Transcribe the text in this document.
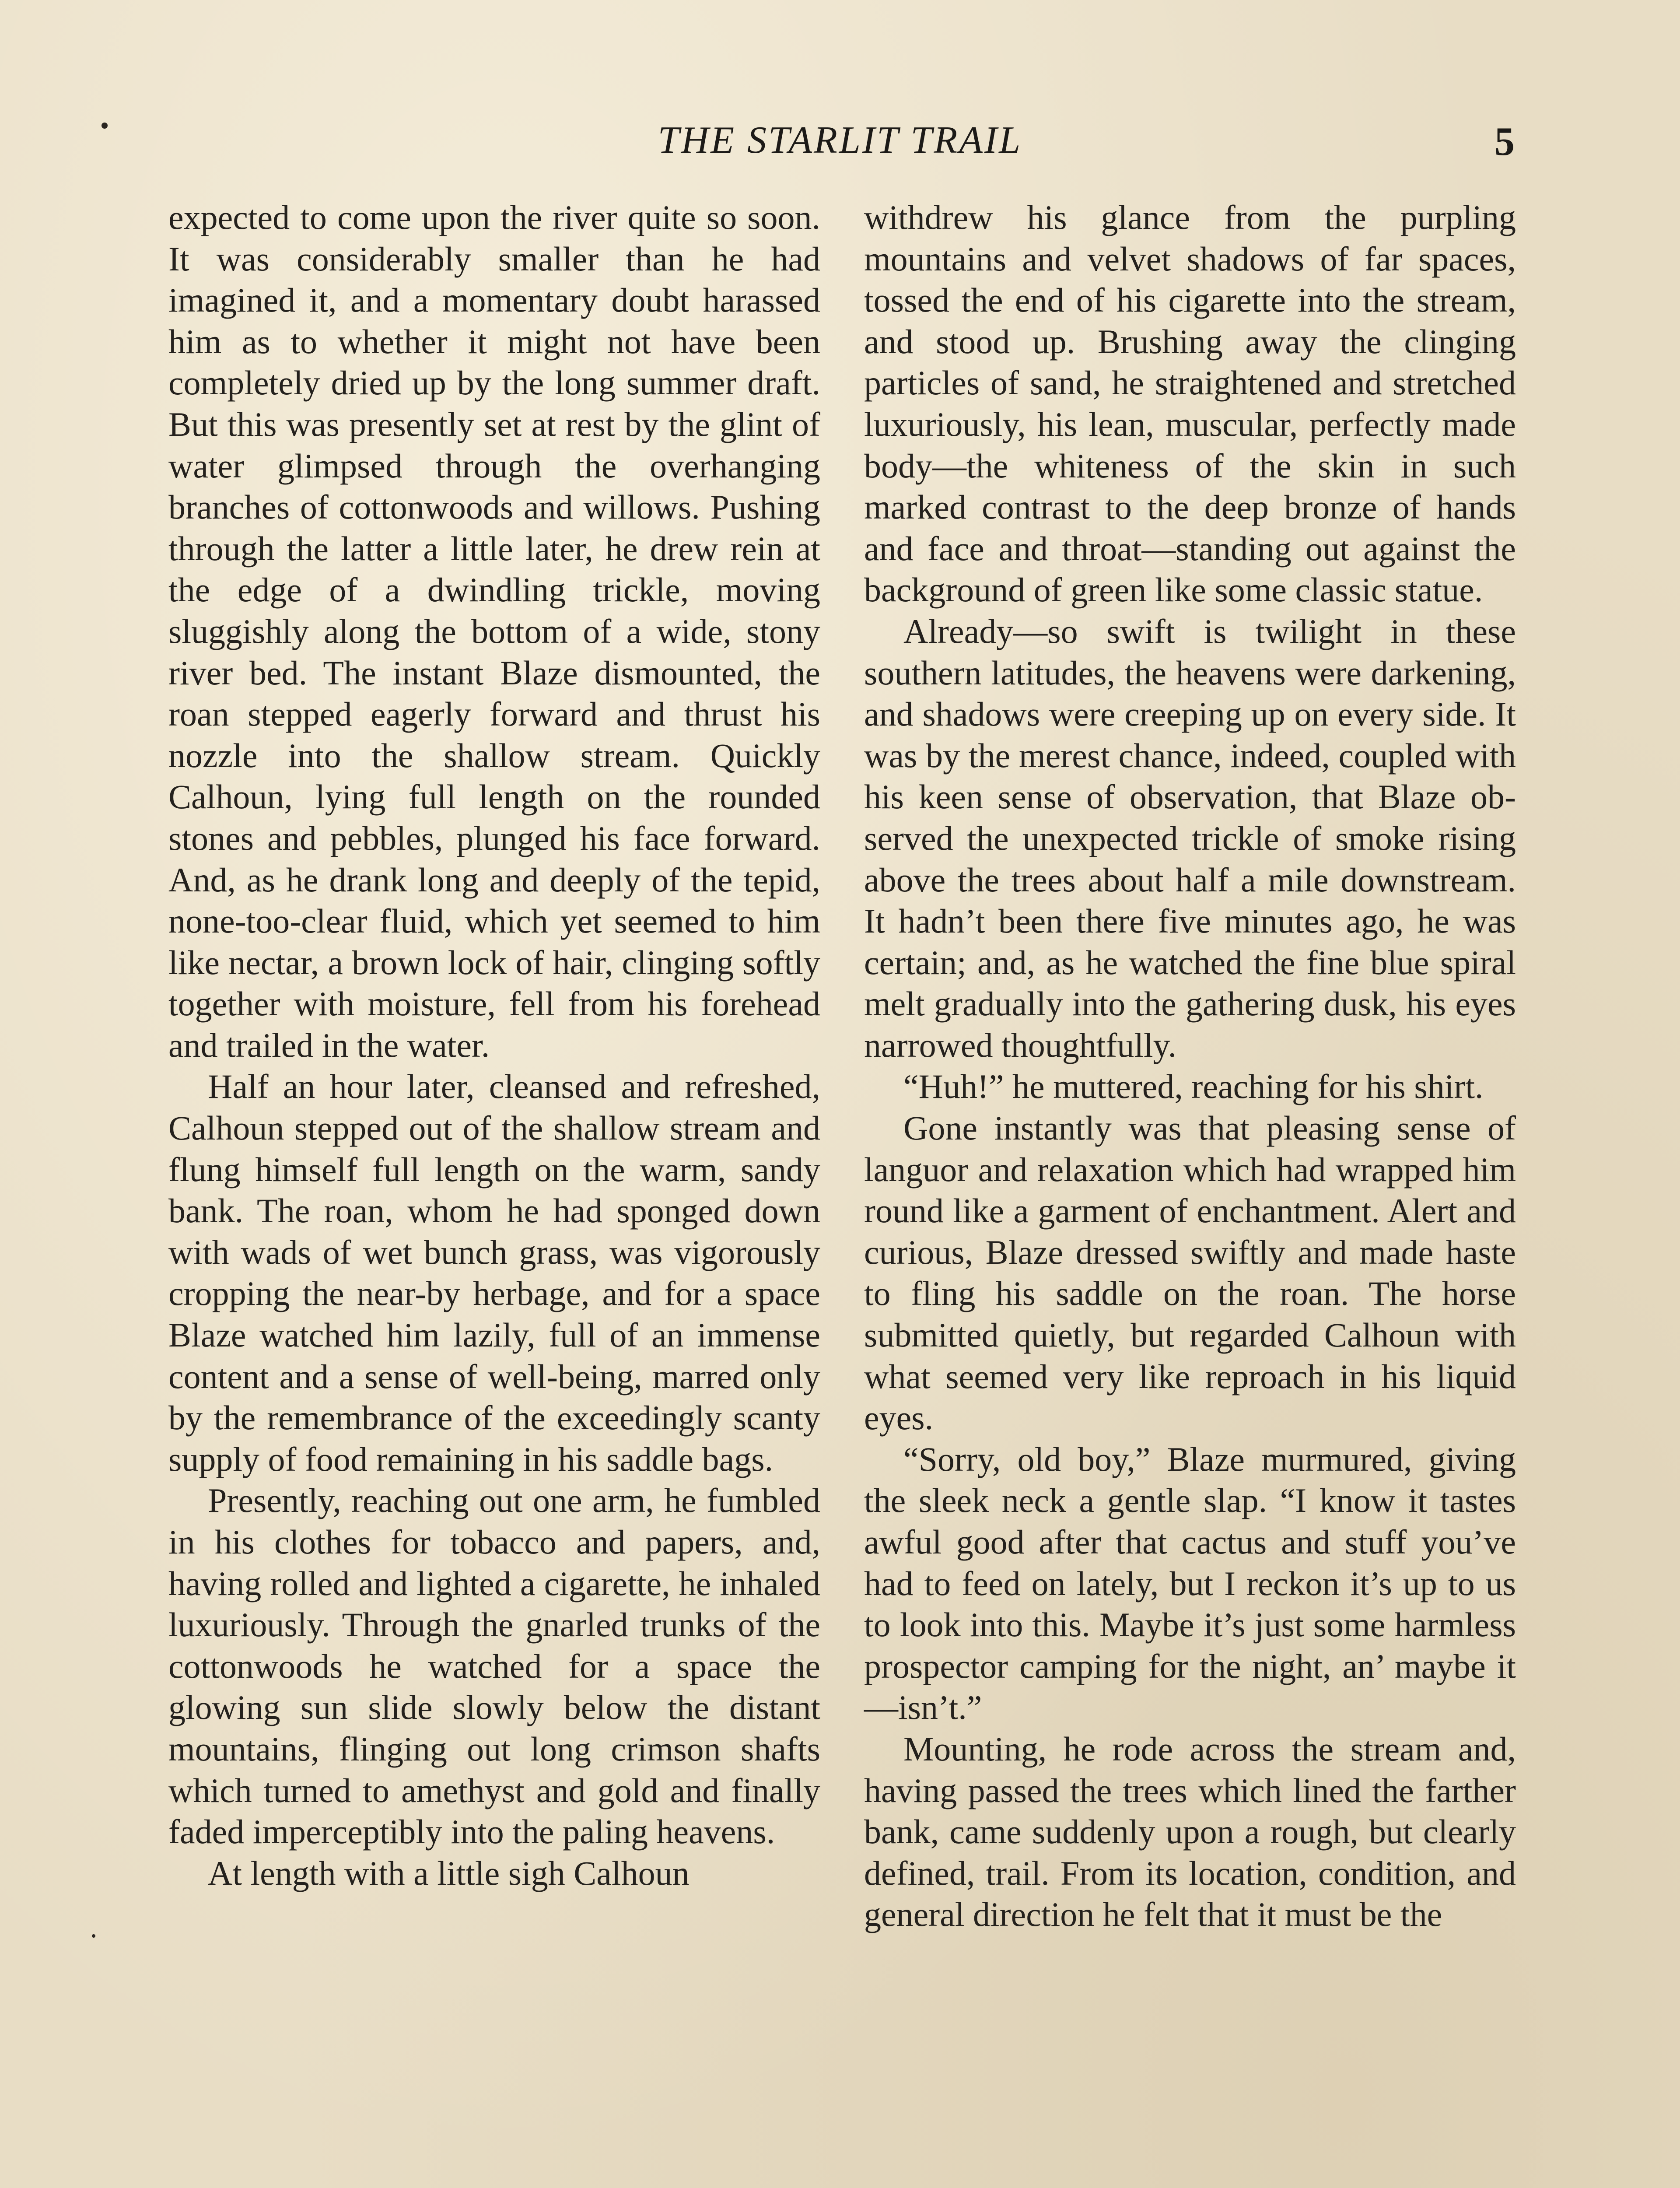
THE STARLIT TRAIL	5

expected to come upon the river quite so soon. It was considerably smaller than he had imagined it, and a momentary doubt harassed him as to whether it might not have been completely dried up by the long summer draft. But this was presently set at rest by the glint of water glimpsed through the overhanging branches of cottonwoods and willows. Pushing through the latter a little later, he drew rein at the edge of a dwindling trickle, moving sluggishly along the bottom of a wide, stony river bed. The instant Blaze dismounted, the roan stepped eagerly forward and thrust his nozzle into the shallow stream. Quickly Calhoun, lying full length on the rounded stones and pebbles, plunged his face forward. And, as he drank long and deeply of the tepid, none-too-clear fluid, which yet seemed to him like nectar, a brown lock of hair, clinging softly together with moisture, fell from his forehead and trailed in the water.

Half an hour later, cleansed and refreshed, Calhoun stepped out of the shallow stream and flung himself full length on the warm, sandy bank. The roan, whom he had sponged down with wads of wet bunch grass, was vigorously cropping the near-by herbage, and for a space Blaze watched him lazily, full of an immense content and a sense of well-being, marred only by the remembrance of the exceedingly scanty supply of food remaining in his saddle bags.

Presently, reaching out one arm, he fumbled in his clothes for tobacco and papers, and, having rolled and lighted a cigarette, he inhaled luxuriously. Through the gnarled trunks of the cottonwoods he watched for a space the glowing sun slide slowly below the distant mountains, flinging out long crimson shafts which turned to amethyst and gold and finally faded imperceptibly into the paling heavens.

At length with a little sigh Calhoun

withdrew his glance from the purpling mountains and velvet shadows of far spaces, tossed the end of his cigarette into the stream, and stood up. Brushing away the clinging particles of sand, he straightened and stretched luxuriously, his lean, muscular, perfectly made body—the whiteness of the skin in such marked contrast to the deep bronze of hands and face and throat—standing out against the background of green like some classic statue.

Already—so swift is twilight in these southern latitudes, the heavens were darkening, and shadows were creeping up on every side. It was by the merest chance, indeed, coupled with his keen sense of observation, that Blaze observed the unexpected trickle of smoke rising above the trees about half a mile downstream. It hadn’t been there five minutes ago, he was certain; and, as he watched the fine blue spiral melt gradually into the gathering dusk, his eyes narrowed thoughtfully.

“Huh!” he muttered, reaching for his shirt.

Gone instantly was that pleasing sense of languor and relaxation which had wrapped him round like a garment of enchantment. Alert and curious, Blaze dressed swiftly and made haste to fling his saddle on the roan. The horse submitted quietly, but regarded Calhoun with what seemed very like reproach in his liquid eyes.

“Sorry, old boy,” Blaze murmured, giving the sleek neck a gentle slap. “I know it tastes awful good after that cactus and stuff you’ve had to feed on lately, but I reckon it’s up to us to look into this. Maybe it’s just some harmless prospector camping for the night, an’ maybe it—isn’t.”

Mounting, he rode across the stream and, having passed the trees which lined the farther bank, came suddenly upon a rough, but clearly defined, trail. From its location, condition, and general direction he felt that it must be the
